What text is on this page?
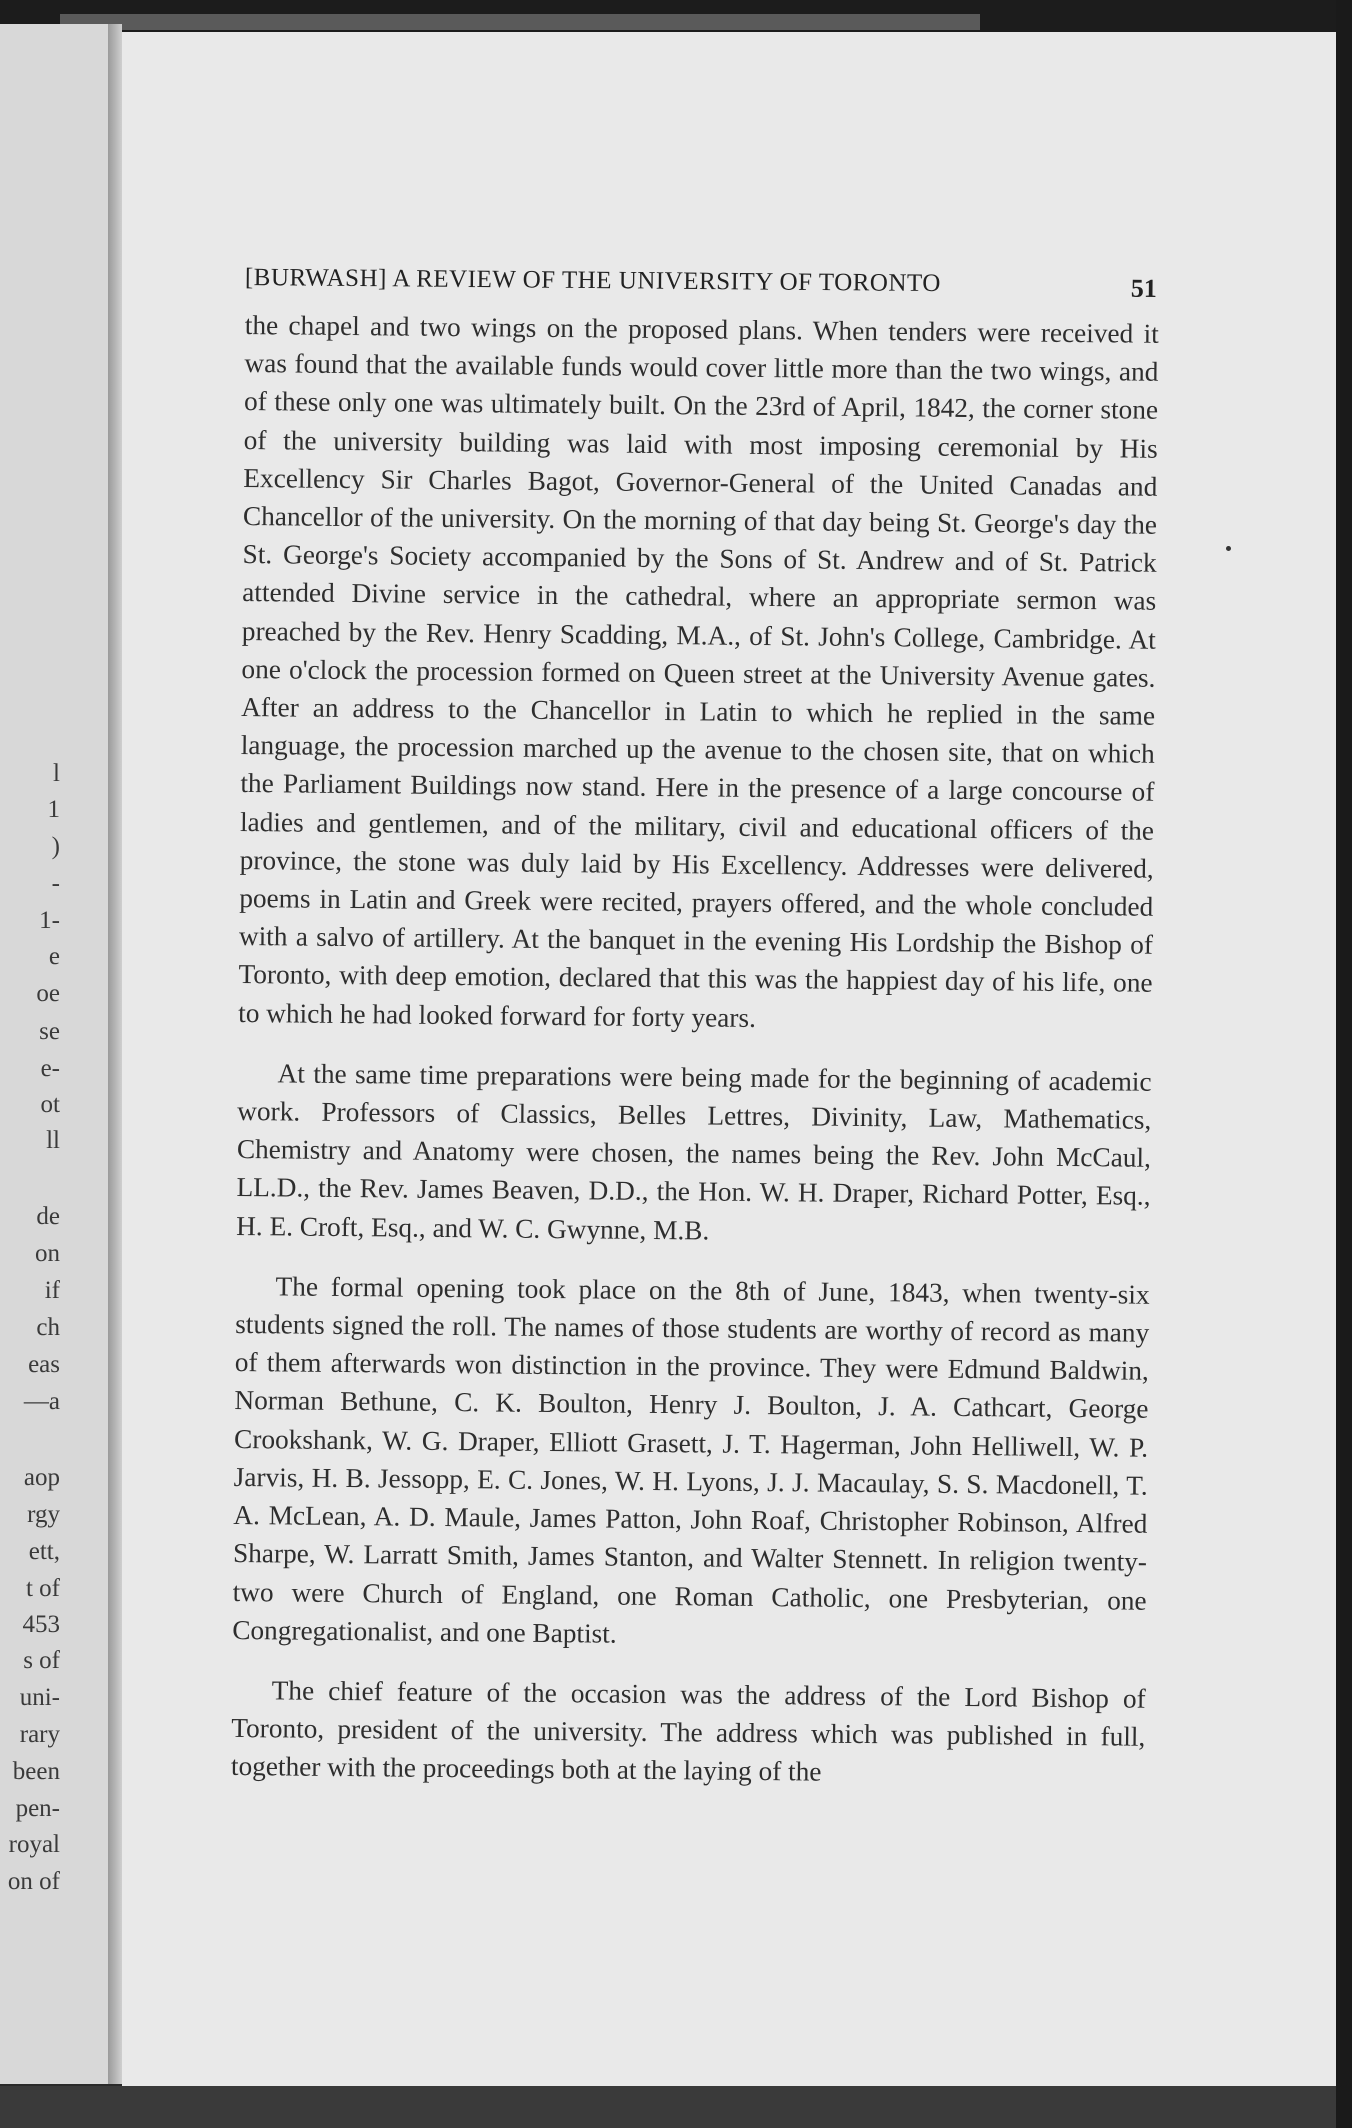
l
1
)
-
1-
e
oe
se
e-
ot
ll
de
on
if
ch
eas
—a
aop
rgy
ett,
t of
453
s of
uni-
rary
been
pen-
royal
on of
[BURWASH] A REVIEW OF THE UNIVERSITY OF TORONTO	51

the chapel and two wings on the proposed plans. When tenders were received it was found that the available funds would cover little more than the two wings, and of these only one was ultimately built. On the 23rd of April, 1842, the corner stone of the university building was laid with most imposing ceremonial by His Excellency Sir Charles Bagot, Governor-General of the United Canadas and Chancellor of the university. On the morning of that day being St. George's day the St. George's Society accompanied by the Sons of St. Andrew and of St. Patrick attended Divine service in the cathedral, where an appropriate sermon was preached by the Rev. Henry Scadding, M.A., of St. John's College, Cambridge. At one o'clock the procession formed on Queen street at the University Avenue gates. After an address to the Chancellor in Latin to which he replied in the same language, the procession marched up the avenue to the chosen site, that on which the Parliament Buildings now stand. Here in the presence of a large concourse of ladies and gentlemen, and of the military, civil and educational officers of the province, the stone was duly laid by His Excellency. Addresses were delivered, poems in Latin and Greek were recited, prayers offered, and the whole concluded with a salvo of artillery. At the banquet in the evening His Lordship the Bishop of Toronto, with deep emotion, declared that this was the happiest day of his life, one to which he had looked forward for forty years.

At the same time preparations were being made for the beginning of academic work. Professors of Classics, Belles Lettres, Divinity, Law, Mathematics, Chemistry and Anatomy were chosen, the names being the Rev. John McCaul, LL.D., the Rev. James Beaven, D.D., the Hon. W. H. Draper, Richard Potter, Esq., H. E. Croft, Esq., and W. C. Gwynne, M.B.

The formal opening took place on the 8th of June, 1843, when twenty-six students signed the roll. The names of those students are worthy of record as many of them afterwards won distinction in the province. They were Edmund Baldwin, Norman Bethune, C. K. Boulton, Henry J. Boulton, J. A. Cathcart, George Crookshank, W. G. Draper, Elliott Grasett, J. T. Hagerman, John Helliwell, W. P. Jarvis, H. B. Jessopp, E. C. Jones, W. H. Lyons, J. J. Macaulay, S. S. Macdonell, T. A. McLean, A. D. Maule, James Patton, John Roaf, Christopher Robinson, Alfred Sharpe, W. Larratt Smith, James Stanton, and Walter Stennett. In religion twenty-two were Church of England, one Roman Catholic, one Presbyterian, one Congregationalist, and one Baptist.

The chief feature of the occasion was the address of the Lord Bishop of Toronto, president of the university. The address which was published in full, together with the proceedings both at the laying of the
